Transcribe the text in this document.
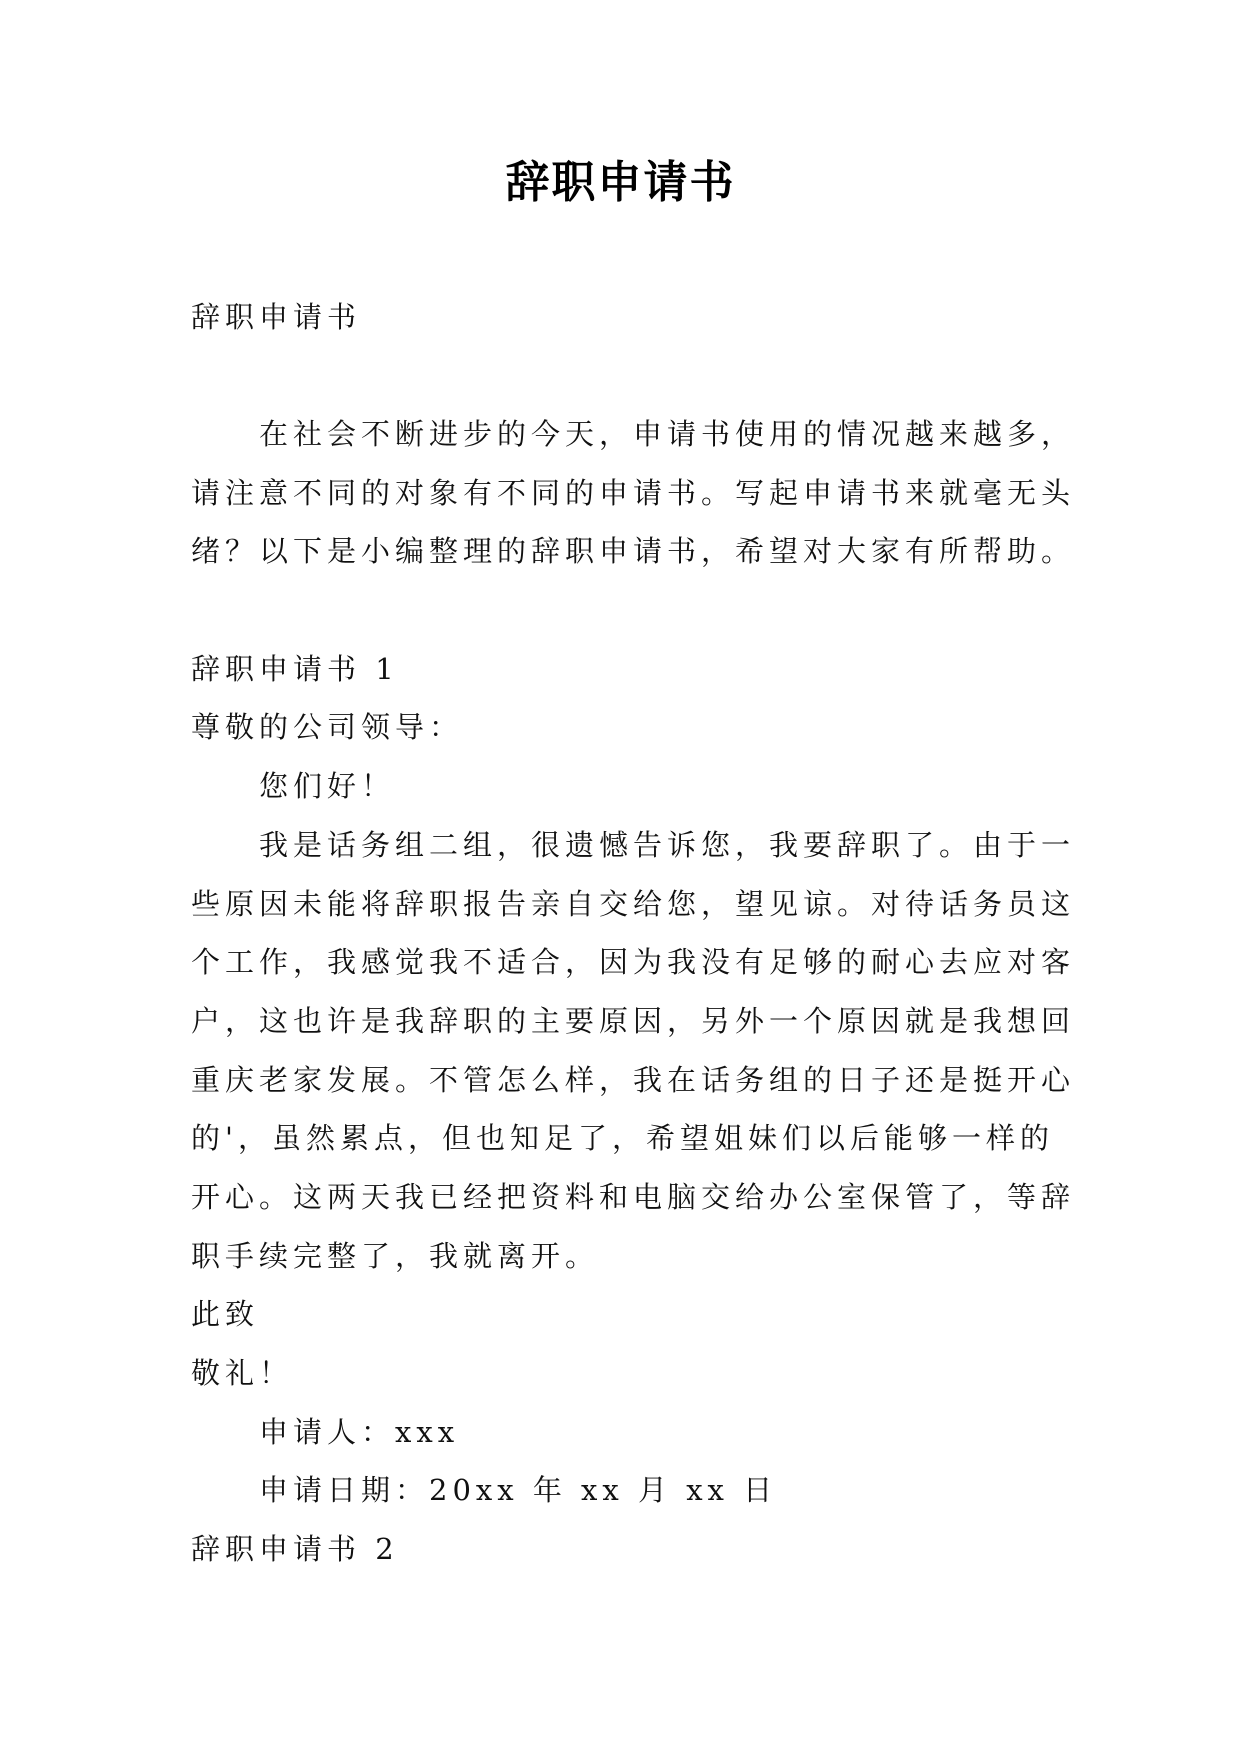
辞职申请书
辞职申请书
在社会不断进步的今天，申请书使用的情况越来越多，
请注意不同的对象有不同的申请书。写起申请书来就毫无头
绪？以下是小编整理的辞职申请书，希望对大家有所帮助。
辞职申请书 1
尊敬的公司领导：
您们好！
我是话务组二组，很遗憾告诉您，我要辞职了。由于一
些原因未能将辞职报告亲自交给您，望见谅。对待话务员这
个工作，我感觉我不适合，因为我没有足够的耐心去应对客
户，这也许是我辞职的主要原因，另外一个原因就是我想回
重庆老家发展。不管怎么样，我在话务组的日子还是挺开心
的'，虽然累点，但也知足了，希望姐妹们以后能够一样的
开心。这两天我已经把资料和电脑交给办公室保管了，等辞
职手续完整了，我就离开。
此致
敬礼！
申请人：xxx
申请日期：20xx 年 xx 月 xx 日
辞职申请书 2
